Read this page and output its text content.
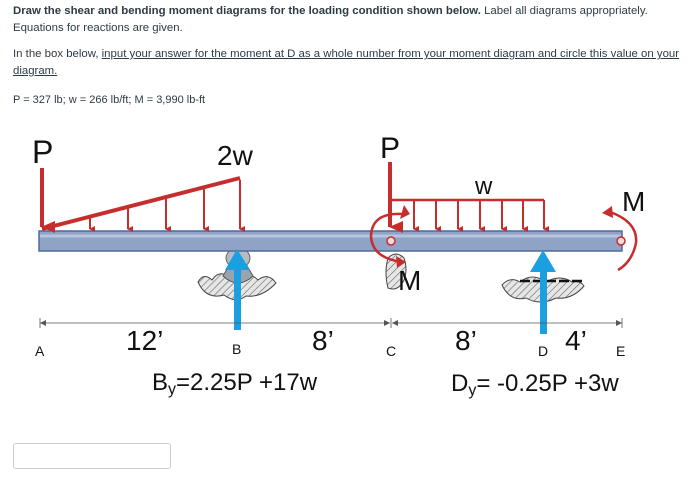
Draw the shear and bending moment diagrams for the loading condition shown below. Label all diagrams appropriately. Equations for reactions are given.
In the box below, input your answer for the moment at D as a whole number from your moment diagram and circle this value on your diagram.
P = 327 lb; w = 266 lb/ft; M = 3,990 lb-ft
P	2w	P
w	M
M
12’	8’	8’	4’
A	B	C	D	E
By=2.25P +17w	Dy= -0.25P +3w
